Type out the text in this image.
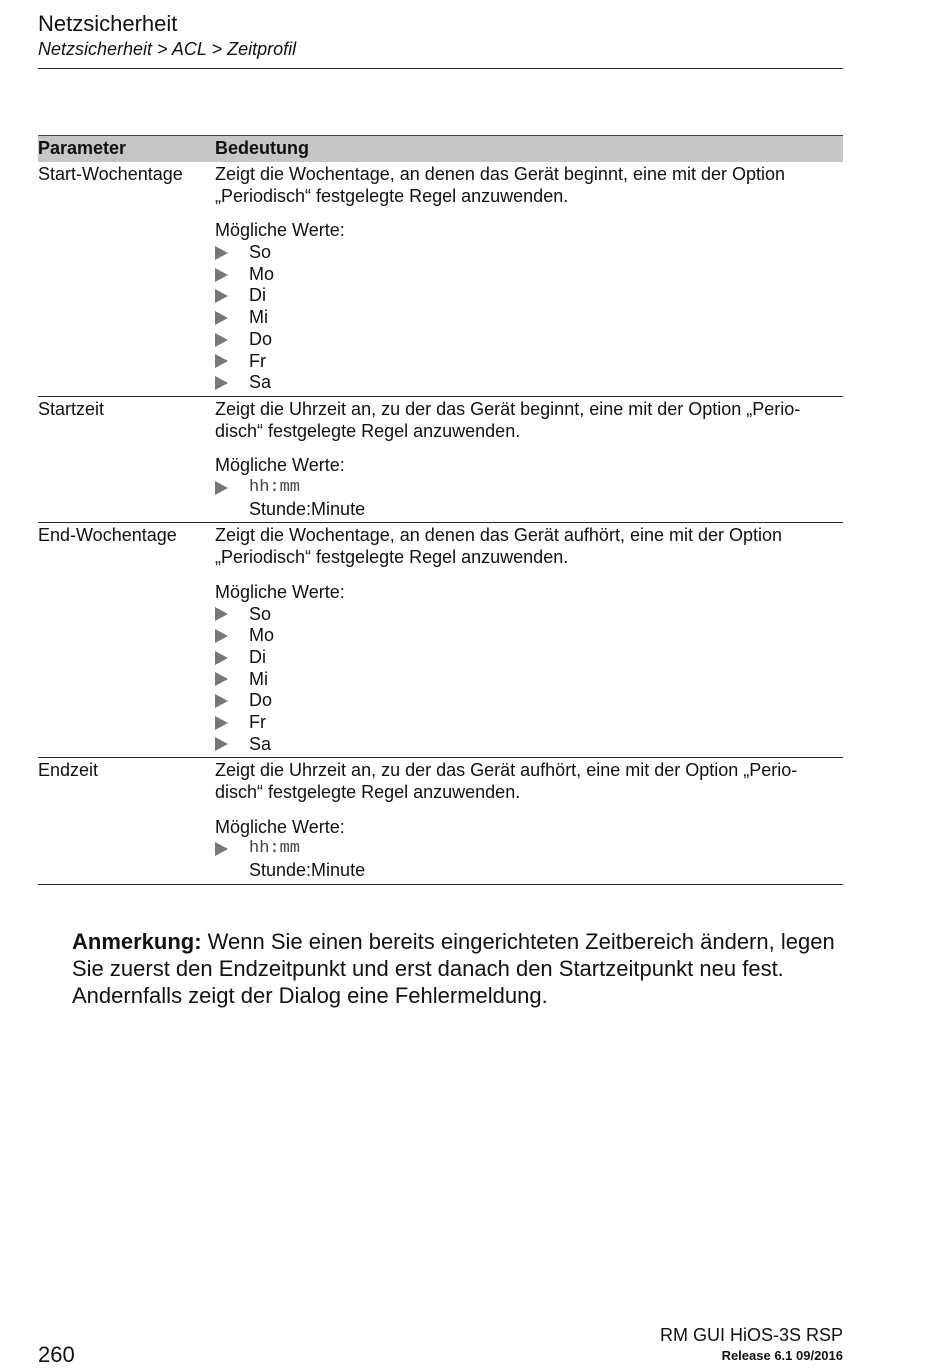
Netzsicherheit
Netzsicherheit > ACL > Zeitprofil
Parameter	Bedeutung
Start-Wochentage	Zeigt die Wochentage, an denen das Gerät beginnt, eine mit der Option
„Periodisch“ festgelegte Regel anzuwenden.
Mögliche Werte:
So
Mo
Di
Mi
Do
Fr
Sa
Startzeit	Zeigt die Uhrzeit an, zu der das Gerät beginnt, eine mit der Option „Perio-
disch“ festgelegte Regel anzuwenden.
Mögliche Werte:
hh:mm
Stunde:Minute
End-Wochentage	Zeigt die Wochentage, an denen das Gerät aufhört, eine mit der Option
„Periodisch“ festgelegte Regel anzuwenden.
Mögliche Werte:
So
Mo
Di
Mi
Do
Fr
Sa
Endzeit	Zeigt die Uhrzeit an, zu der das Gerät aufhört, eine mit der Option „Perio-
disch“ festgelegte Regel anzuwenden.
Mögliche Werte:
hh:mm
Stunde:Minute
Anmerkung: Wenn Sie einen bereits eingerichteten Zeitbereich ändern, legen Sie zuerst den Endzeitpunkt und erst danach den Startzeitpunkt neu fest. Andernfalls zeigt der Dialog eine Fehlermeldung.
260
RM GUI HiOS-3S RSP
Release 6.1 09/2016
